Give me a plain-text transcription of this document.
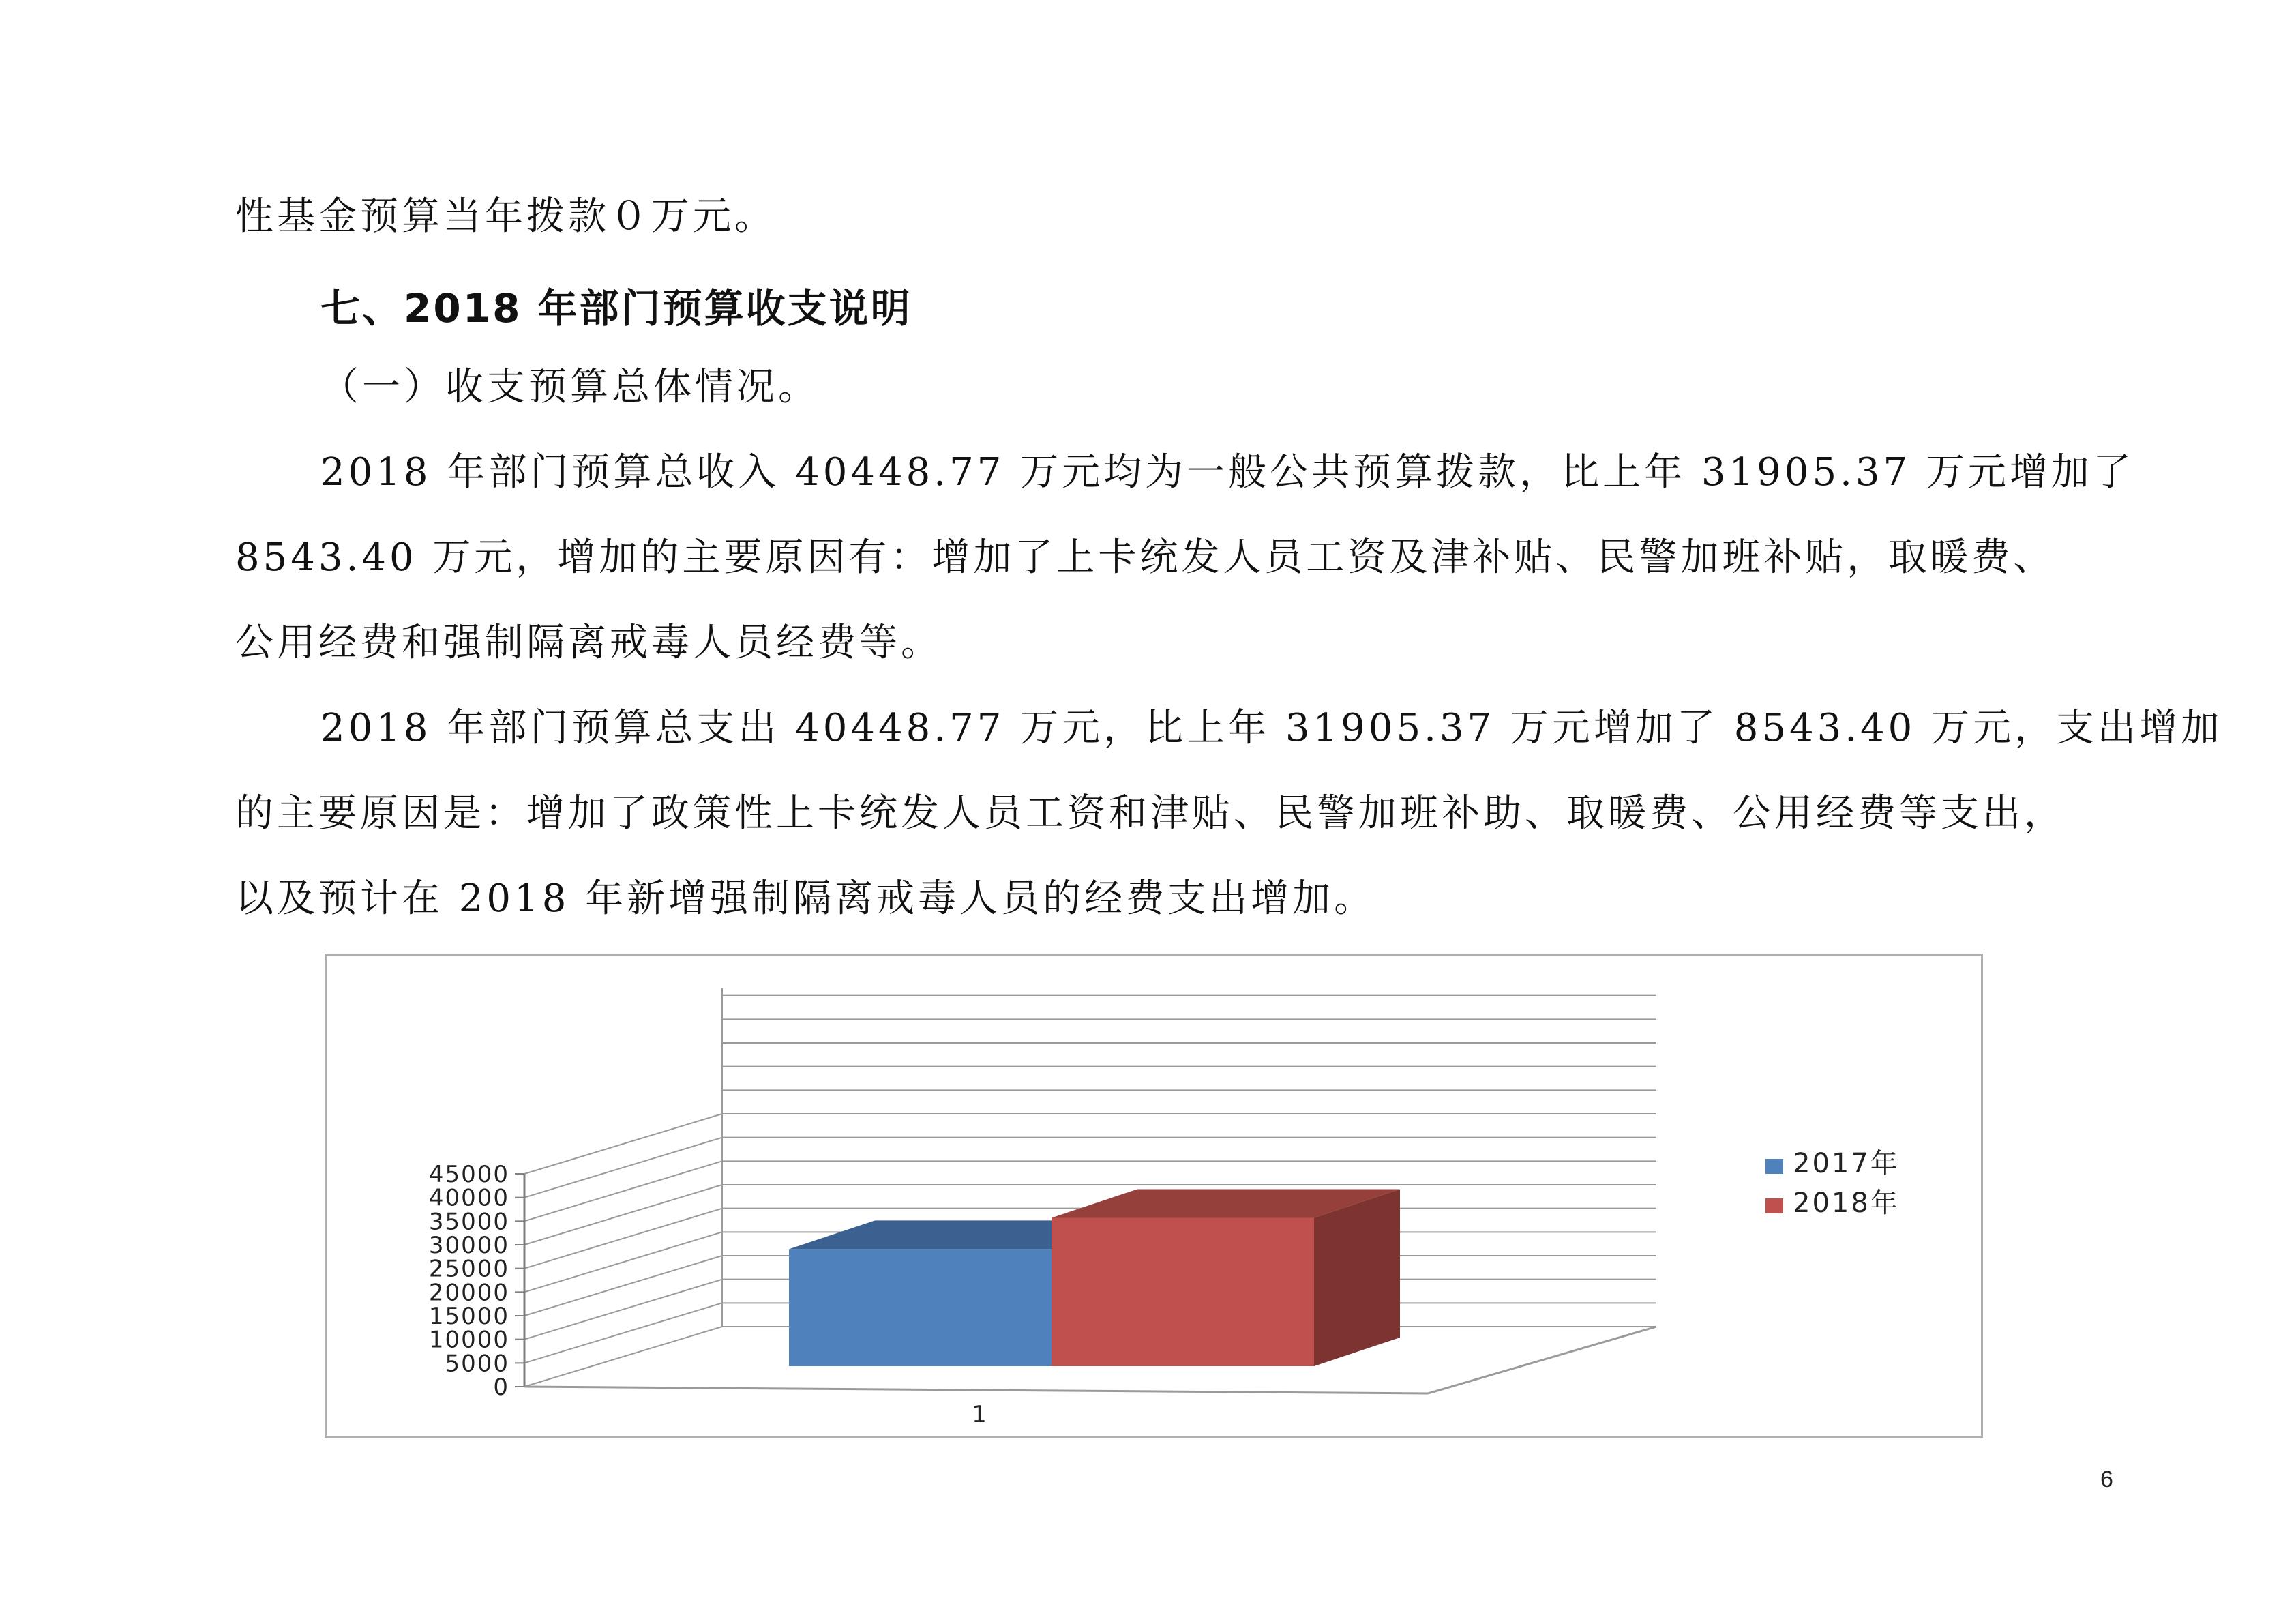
性基金预算当年拨款０万元。

七、2018 年部门预算收支说明

（一）收支预算总体情况。

2018 年部门预算总收入 40448.77 万元均为一般公共预算拨款，比上年 31905.37 万元增加了
8543.40 万元，增加的主要原因有：增加了上卡统发人员工资及津补贴、民警加班补贴，取暖费、
公用经费和强制隔离戒毒人员经费等。
2018 年部门预算总支出 40448.77 万元，比上年 31905.37 万元增加了 8543.40 万元，支出增加
的主要原因是：增加了政策性上卡统发人员工资和津贴、民警加班补助、取暖费、公用经费等支出，
以及预计在 2018 年新增强制隔离戒毒人员的经费支出增加。
0
5000
10000
15000
20000
25000
30000
35000
40000
45000
1
2017年
2018年
6
